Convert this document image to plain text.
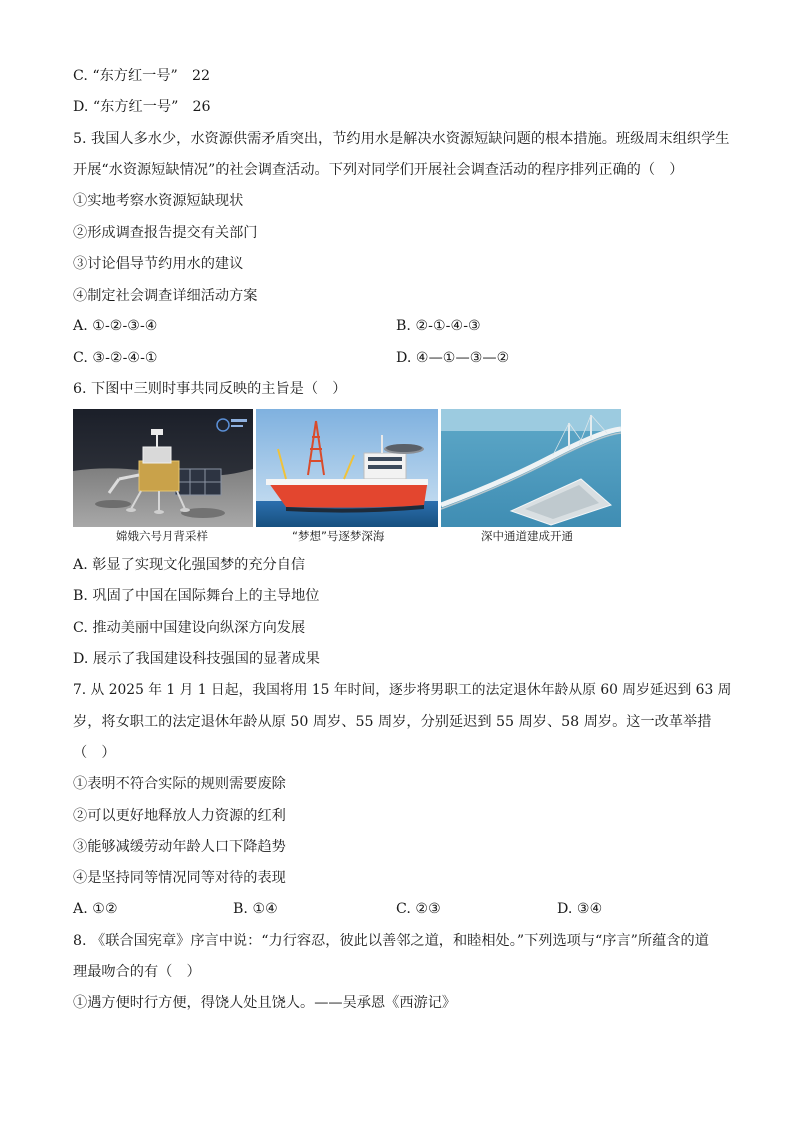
C. “东方红一号”　22
D. “东方红一号”　26
5. 我国人多水少，水资源供需矛盾突出，节约用水是解决水资源短缺问题的根本措施。班级周末组织学生
开展“水资源短缺情况”的社会调查活动。下列对同学们开展社会调查活动的程序排列正确的（　）
①实地考察水资源短缺现状
②形成调查报告提交有关部门
③讨论倡导节约用水的建议
④制定社会调查详细活动方案
A. ①-②-③-④	B. ②-①-④-③
C. ③-②-④-①	D. ④—①—③—②
6. 下图中三则时事共同反映的主旨是（　）
嫦娥六号月背采样	“梦想”号逐梦深海	深中通道建成开通
A. 彰显了实现文化强国梦的充分自信
B. 巩固了中国在国际舞台上的主导地位
C. 推动美丽中国建设向纵深方向发展
D. 展示了我国建设科技强国的显著成果
7. 从 2025 年 1 月 1 日起，我国将用 15 年时间，逐步将男职工的法定退休年龄从原 60 周岁延迟到 63 周
岁，将女职工的法定退休年龄从原 50 周岁、55 周岁，分别延迟到 55 周岁、58 周岁。这一改革举措
（　）
①表明不符合实际的规则需要废除
②可以更好地释放人力资源的红利
③能够减缓劳动年龄人口下降趋势
④是坚持同等情况同等对待的表现
A. ①②	B. ①④	C. ②③	D. ③④
8. 《联合国宪章》序言中说：“力行容忍，彼此以善邻之道，和睦相处。”下列选项与“序言”所蕴含的道
理最吻合的有（　）
①遇方便时行方便，得饶人处且饶人。——吴承恩《西游记》
